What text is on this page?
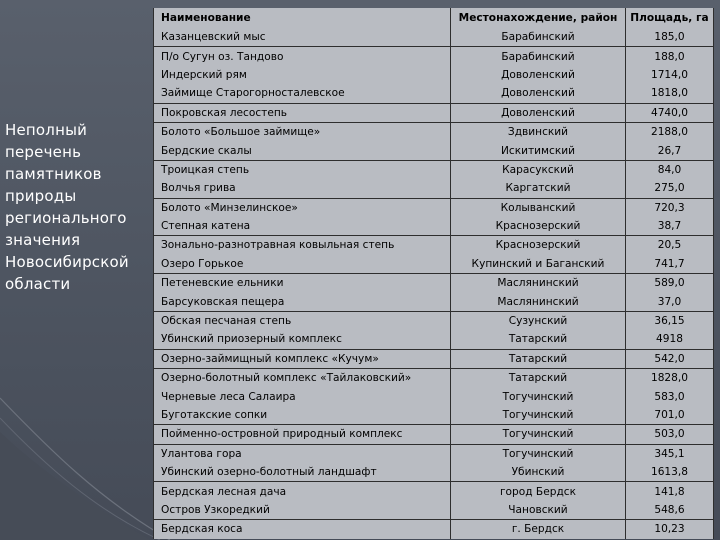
Неполный
перечень
памятников
природы
регионального
значения
Новосибирской
области
Наименование	Местонахождение, район	Площадь, га
Казанцевский мыс	Барабинский	185,0
П/о Сугун оз. Тандово	Барабинский	188,0
Индерский рям	Доволенский	1714,0
Займище Старогорносталевское	Доволенский	1818,0
Покровская лесостепь	Доволенский	4740,0
Болото «Большое займище»	Здвинский	2188,0
Бердские скалы	Искитимский	26,7
Троицкая степь	Карасукский	84,0
Волчья грива	Каргатский	275,0
Болото «Минзелинское»	Колыванский	720,3
Степная катена	Краснозерский	38,7
Зонально-разнотравная ковыльная степь	Краснозерский	20,5
Озеро Горькое	Купинский и Баганский	741,7
Петеневские ельники	Маслянинский	589,0
Барсуковская пещера	Маслянинский	37,0
Обская песчаная степь	Сузунский	36,15
Убинский приозерный комплекс	Татарский	4918
Озерно-займищный комплекс «Кучум»	Татарский	542,0
Озерно-болотный комплекс «Тайлаковский»	Татарский	1828,0
Черневые леса Салаира	Тогучинский	583,0
Буготакские сопки	Тогучинский	701,0
Пойменно-островной природный комплекс	Тогучинский	503,0
Улантова гора	Тогучинский	345,1
Убинский озерно-болотный ландшафт	Убинский	1613,8
Бердская лесная дача	город Бердск	141,8
Остров Узкоредкий	Чановский	548,6
Бердская коса	г. Бердск	10,23
